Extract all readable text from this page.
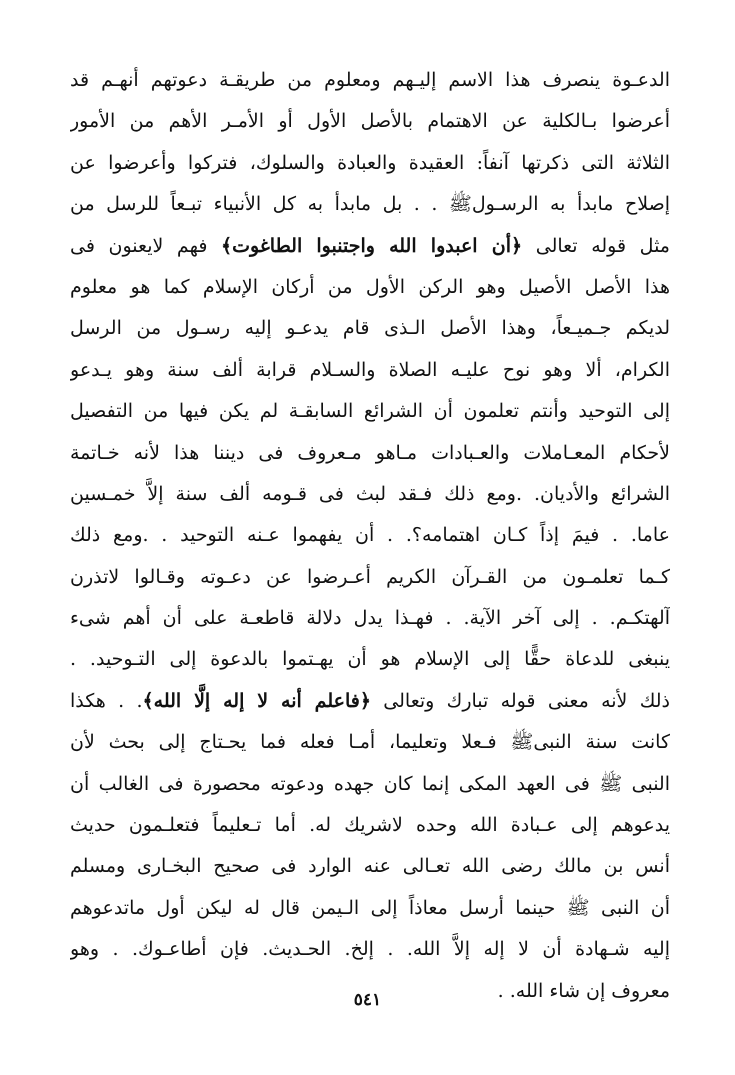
الدعـوة ينصرف هذا الاسم إليـهم ومعلوم من طريقـة دعوتهم أنهـم قد
أعرضوا بـالكلية عن الاهتمام بالأصل الأول أو الأمـر الأهم من الأمور
الثلاثة التى ذكرتها آنفاً: العقيدة والعبادة والسلوك، فتركوا وأعرضوا عن
إصلاح مابدأ به الرسـولﷺ . . بل مابدأ به كل الأنبياء تبـعاً للرسل من
مثل قوله تعالى ﴿أن اعبدوا الله واجتنبوا الطاغوت﴾ فهم لايعنون فى
هذا الأصل الأصيل وهو الركن الأول من أركان الإسلام كما هو معلوم
لديكم جـميـعاً، وهذا الأصل الـذى قام يدعـو إليه رسـول من الرسل
الكرام، ألا وهو نوح عليـه الصلاة والسـلام قرابة ألف سنة وهو يـدعو
إلى التوحيد وأنتم تعلمون أن الشرائع السابقـة لم يكن فيها من التفصيل
لأحكام المعـاملات والعـبادات مـاهو مـعروف فى ديننا هذا لأنه خـاتمة
الشرائع والأديان. .ومع ذلك فـقد لبث فى قـومه ألف سنة إلاَّ خمـسين
عاما. . فيمَ إذاً كـان اهتمامه؟. . أن يفهموا عـنه التوحيد . .ومع ذلك
كـما تعلمـون من القـرآن الكريم أعـرضوا عن دعـوته وقـالوا لاتذرن
آلهتكـم. . إلى آخر الآية. . فهـذا يدل دلالة قاطعـة على أن أهم شىء
ينبغى للدعاة حقًّا إلى الإسلام هو أن يهـتموا بالدعوة إلى التـوحيد. .
ذلك لأنه معنى قوله تبارك وتعالى ﴿فاعلم أنه لا إله إلَّا الله﴾. . هكذا
كانت سنة النبىﷺ فـعلا وتعليما، أمـا فعله فما يحـتاج إلى بحث لأن
النبى ﷺ فى العهد المكى إنما كان جهده ودعوته محصورة فى الغالب أن
يدعوهم إلى عـبادة الله وحده لاشريك له. أما تـعليماً فتعلـمون حديث
أنس بن مالك رضى الله تعـالى عنه الوارد فى صحيح البخـارى ومسلم
أن النبى ﷺ حينما أرسل معاذاً إلى الـيمن قال له ليكن أول ماتدعوهم
إليه شـهادة أن لا إله إلاَّ الله. . إلخ. الحـديث. فإن أطاعـوك. . وهو
معروف إن شاء الله. .
٥٤١
